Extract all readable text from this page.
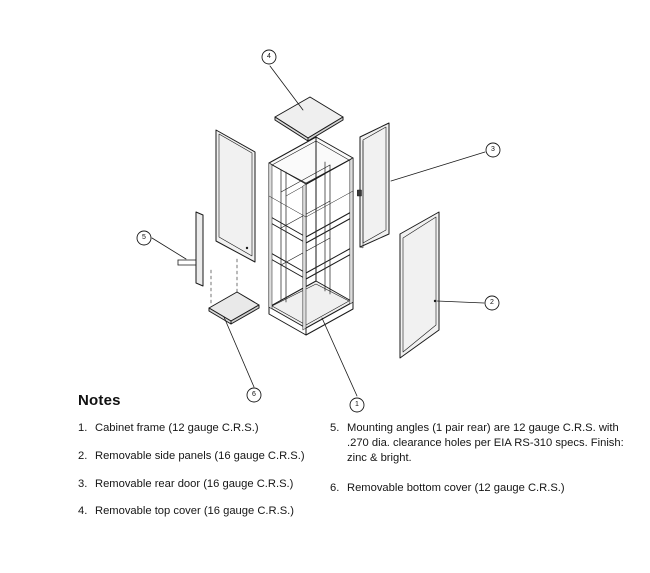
1
2
3
4
5
6
Notes
1. Cabinet frame (12 gauge C.R.S.)
2. Removable side panels (16 gauge C.R.S.)
3. Removable rear door (16 gauge C.R.S.)
4. Removable top cover (16 gauge C.R.S.)
5. Mounting angles (1 pair rear) are 12 gauge C.R.S. with .270 dia. clearance holes per EIA RS-310 specs. Finish: zinc & bright.
6. Removable bottom cover (12 gauge C.R.S.)
